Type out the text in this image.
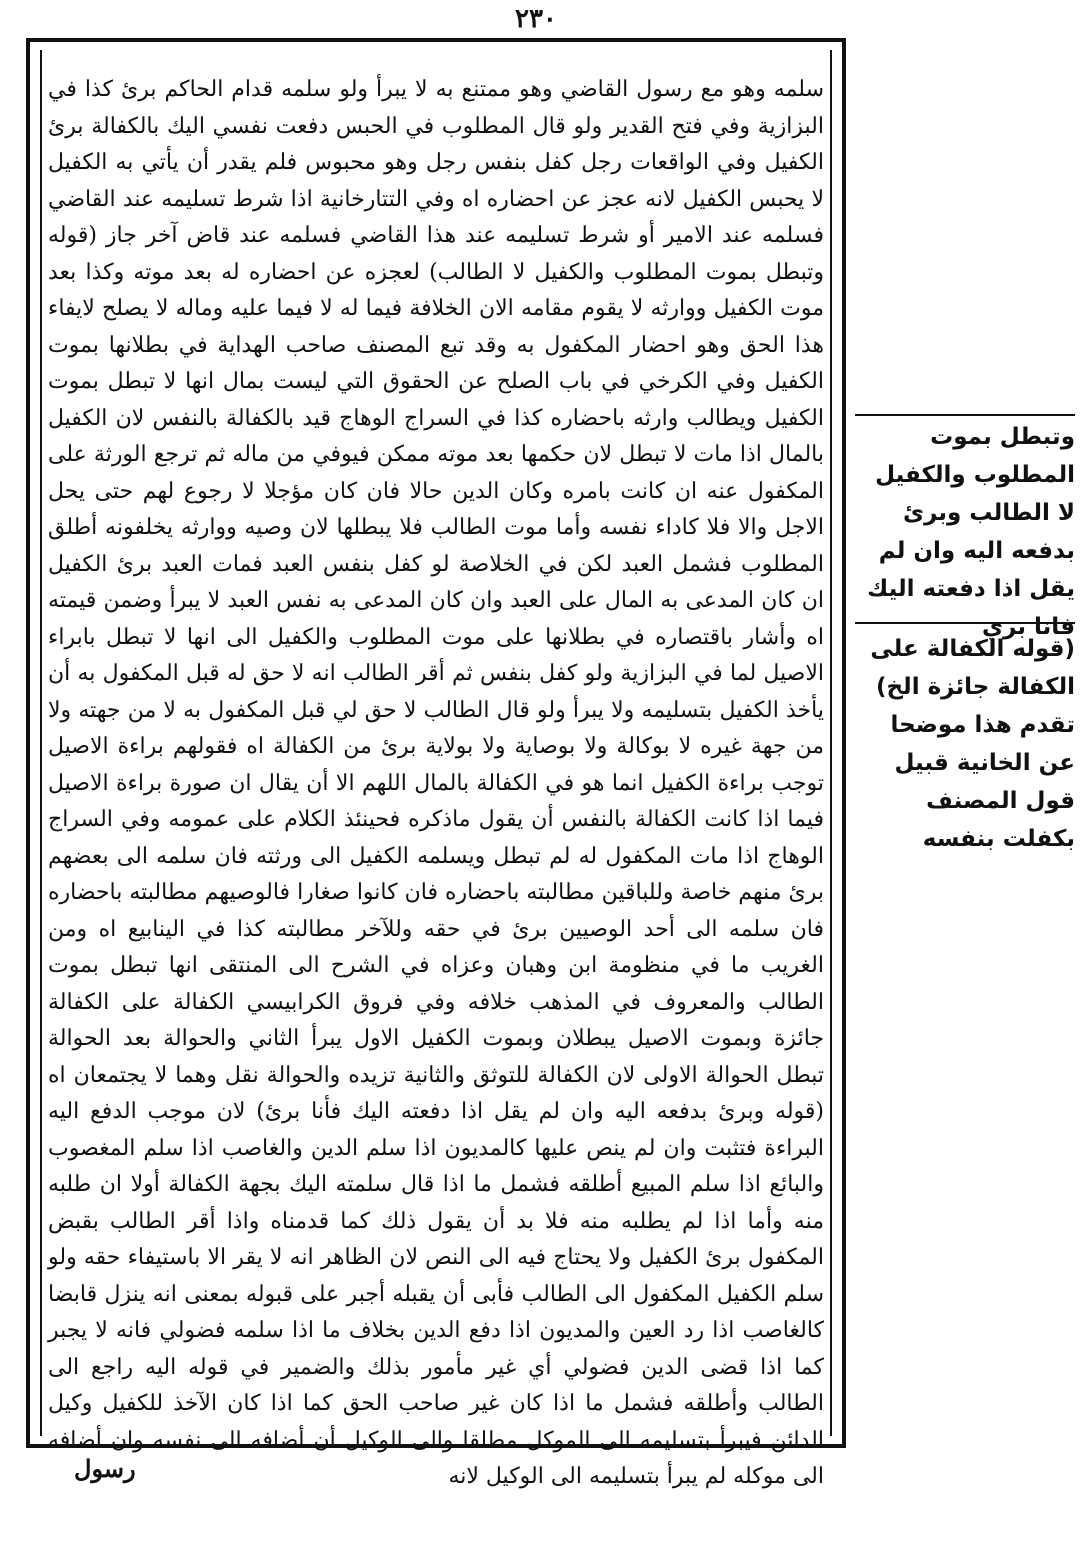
٢٣٠
سلمه وهو مع رسول القاضي وهو ممتنع به لا يبرأ ولو سلمه قدام الحاكم برئ كذا في البزازية وفي فتح القدير ولو قال المطلوب في الحبس دفعت نفسي اليك بالكفالة برئ الكفيل وفي الواقعات رجل كفل بنفس رجل وهو محبوس فلم يقدر أن يأتي به الكفيل لا يحبس الكفيل لانه عجز عن احضاره اه وفي التتارخانية اذا شرط تسليمه عند القاضي فسلمه عند الامير أو شرط تسليمه عند هذا القاضي فسلمه عند قاض آخر جاز (قوله وتبطل بموت المطلوب والكفيل لا الطالب) لعجزه عن احضاره له بعد موته وكذا بعد موت الكفيل ووارثه لا يقوم مقامه الان الخلافة فيما له لا فيما عليه وماله لا يصلح لايفاء هذا الحق وهو احضار المكفول به وقد تبع المصنف صاحب الهداية في بطلانها بموت الكفيل وفي الكرخي في باب الصلح عن الحقوق التي ليست بمال انها لا تبطل بموت الكفيل ويطالب وارثه باحضاره كذا في السراج الوهاج قيد بالكفالة بالنفس لان الكفيل بالمال اذا مات لا تبطل لان حكمها بعد موته ممكن فيوفي من ماله ثم ترجع الورثة على المكفول عنه ان كانت بامره وكان الدين حالا فان كان مؤجلا لا رجوع لهم حتى يحل الاجل والا فلا كاداء نفسه وأما موت الطالب فلا يبطلها لان وصيه ووارثه يخلفونه أطلق المطلوب فشمل العبد لكن في الخلاصة لو كفل بنفس العبد فمات العبد برئ الكفيل ان كان المدعى به المال على العبد وان كان المدعى به نفس العبد لا يبرأ وضمن قيمته اه وأشار باقتصاره في بطلانها على موت المطلوب والكفيل الى انها لا تبطل بابراء الاصيل لما في البزازية ولو كفل بنفس ثم أقر الطالب انه لا حق له قبل المكفول به أن يأخذ الكفيل بتسليمه ولا يبرأ ولو قال الطالب لا حق لي قبل المكفول به لا من جهته ولا من جهة غيره لا بوكالة ولا بوصاية ولا بولاية برئ من الكفالة اه فقولهم براءة الاصيل توجب براءة الكفيل انما هو في الكفالة بالمال اللهم الا أن يقال ان صورة براءة الاصيل فيما اذا كانت الكفالة بالنفس أن يقول ماذكره فحينئذ الكلام على عمومه وفي السراج الوهاج اذا مات المكفول له لم تبطل ويسلمه الكفيل الى ورثته فان سلمه الى بعضهم برئ منهم خاصة وللباقين مطالبته باحضاره فان كانوا صغارا فالوصيهم مطالبته باحضاره فان سلمه الى أحد الوصيين برئ في حقه وللآخر مطالبته كذا في الينابيع اه ومن الغريب ما في منظومة ابن وهبان وعزاه في الشرح الى المنتقى انها تبطل بموت الطالب والمعروف في المذهب خلافه وفي فروق الكرابيسي الكفالة على الكفالة جائزة وبموت الاصيل يبطلان وبموت الكفيل الاول يبرأ الثاني والحوالة بعد الحوالة تبطل الحوالة الاولى لان الكفالة للتوثق والثانية تزيده والحوالة نقل وهما لا يجتمعان اه (قوله وبرئ بدفعه اليه وان لم يقل اذا دفعته اليك فأنا برئ) لان موجب الدفع اليه البراءة فتثبت وان لم ينص عليها كالمديون اذا سلم الدين والغاصب اذا سلم المغصوب والبائع اذا سلم المبيع أطلقه فشمل ما اذا قال سلمته اليك بجهة الكفالة أولا ان طلبه منه وأما اذا لم يطلبه منه فلا بد أن يقول ذلك كما قدمناه واذا أقر الطالب بقبض المكفول برئ الكفيل ولا يحتاج فيه الى النص لان الظاهر انه لا يقر الا باستيفاء حقه ولو سلم الكفيل المكفول الى الطالب فأبى أن يقبله أجبر على قبوله بمعنى انه ينزل قابضا كالغاصب اذا رد العين والمديون اذا دفع الدين بخلاف ما اذا سلمه فضولي فانه لا يجبر كما اذا قضى الدين فضولي أي غير مأمور بذلك والضمير في قوله اليه راجع الى الطالب وأطلقه فشمل ما اذا كان غير صاحب الحق كما اذا كان الآخذ للكفيل وكيل الدائن فيبرأ بتسليمه الى الموكل مطلقا والى الوكيل أن أضافه الى نفسه وان أضافه الى موكله لم يبرأ بتسليمه الى الوكيل لانه

وتبطل بموت المطلوب والكفيل لا الطالب وبرئ بدفعه اليه وان لم يقل اذا دفعته اليك فانا بري

(قوله الكفالة على الكفالة جائزة الخ) تقدم هذا موضحا عن الخانية قبيل قول المصنف بكفلت بنفسه

رسول
